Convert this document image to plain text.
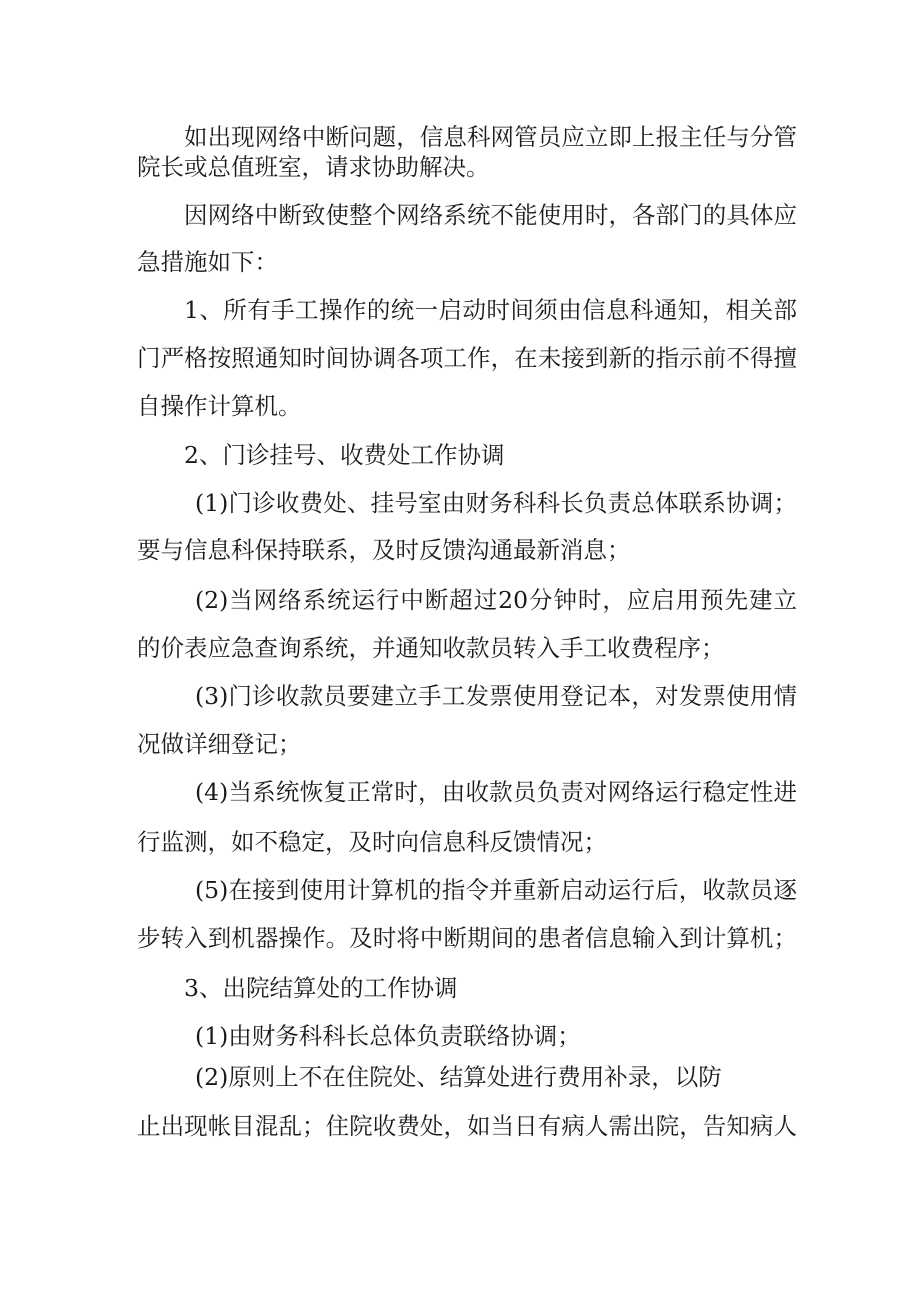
如出现网络中断问题，信息科网管员应立即上报主任与分管
院长或总值班室，请求协助解决。
因网络中断致使整个网络系统不能使用时，各部门的具体应
急措施如下：
1、所有手工操作的统一启动时间须由信息科通知，相关部
门严格按照通知时间协调各项工作，在未接到新的指示前不得擅
自操作计算机。
2、门诊挂号、收费处工作协调
(1)门诊收费处、挂号室由财务科科长负责总体联系协调；
要与信息科保持联系，及时反馈沟通最新消息；
(2)当网络系统运行中断超过20分钟时，应启用预先建立
的价表应急查询系统，并通知收款员转入手工收费程序；
(3)门诊收款员要建立手工发票使用登记本，对发票使用情
况做详细登记；
(4)当系统恢复正常时，由收款员负责对网络运行稳定性进
行监测，如不稳定，及时向信息科反馈情况；
(5)在接到使用计算机的指令并重新启动运行后，收款员逐
步转入到机器操作。及时将中断期间的患者信息输入到计算机；
3、出院结算处的工作协调
(1)由财务科科长总体负责联络协调；
(2)原则上不在住院处、结算处进行费用补录，以防
止出现帐目混乱；住院收费处，如当日有病人需出院，告知病人
